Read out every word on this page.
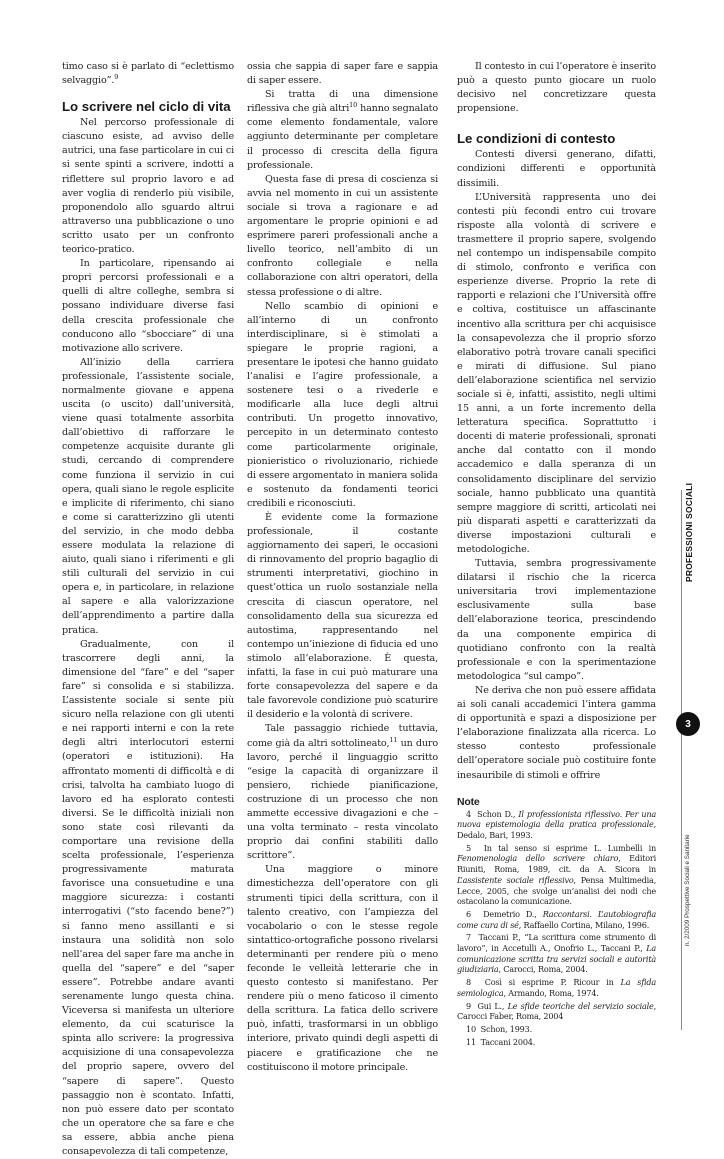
timo caso si è parlato di “eclettismo selvaggio”.$^9$

Lo scrivere nel ciclo di vita

Nel percorso professionale di ciascuno esiste, ad avviso delle autrici, una fase particolare in cui ci si sente spinti a scrivere, indotti a riflettere sul proprio lavoro e ad aver voglia di renderlo più visibile, proponendolo allo sguardo altrui attraverso una pubblicazione o uno scritto usato per un confronto teorico-pratico.

In particolare, ripensando ai propri percorsi professionali e a quelli di altre colleghe, sembra si possano individuare diverse fasi della crescita professionale che conducono allo “sbocciare” di una motivazione allo scrivere.

All’inizio della carriera professionale, l’assistente sociale, normalmente giovane e appena uscita (o uscito) dall’università, viene quasi totalmente assorbita dall’obiettivo di rafforzare le competenze acquisite durante gli studi, cercando di comprendere come funziona il servizio in cui opera, quali siano le regole esplicite e implicite di riferimento, chi siano e come si caratterizzino gli utenti del servizio, in che modo debba essere modulata la relazione di aiuto, quali siano i riferimenti e gli stili culturali del servizio in cui opera e, in particolare, in relazione al sapere e alla valorizzazione dell’apprendimento a partire dalla pratica.

Gradualmente, con il trascorrere degli anni, la dimensione del “fare” e del “saper fare” si consolida e si stabilizza. L’assistente sociale si sente più sicuro nella relazione con gli utenti e nei rapporti interni e con la rete degli altri interlocutori esterni (operatori e istituzioni). Ha affrontato momenti di difficoltà e di crisi, talvolta ha cambiato luogo di lavoro ed ha esplorato contesti diversi. Se le difficoltà iniziali non sono state così rilevanti da comportare una revisione della scelta professionale, l’esperienza progressivamente maturata favorisce una consuetudine e una maggiore sicurezza: i costanti interrogativi (“sto facendo bene?”) si fanno meno assillanti e si instaura una solidità non solo nell’area del saper fare ma anche in quella del “sapere” e del “saper essere”. Potrebbe andare avanti serenamente lungo questa china. Viceversa si manifesta un ulteriore elemento, da cui scaturisce la spinta allo scrivere: la progressiva acquisizione di una consapevolezza del proprio sapere, ovvero del “sapere di sapere”. Questo passaggio non è scontato. Infatti, non può essere dato per scontato che un operatore che sa fare e che sa essere, abbia anche piena consapevolezza di tali competenze,

ossia che sappia di saper fare e sappia di saper essere.

Si tratta di una dimensione riflessiva che già altri$^{10}$ hanno segnalato come elemento fondamentale, valore aggiunto determinante per completare il processo di crescita della figura professionale.

Questa fase di presa di coscienza si avvia nel momento in cui un assistente sociale si trova a ragionare e ad argomentare le proprie opinioni e ad esprimere pareri professionali anche a livello teorico, nell’ambito di un confronto collegiale e nella collaborazione con altri operatori, della stessa professione o di altre.

Nello scambio di opinioni e all’interno di un confronto interdisciplinare, si è stimolati a spiegare le proprie ragioni, a presentare le ipotesi che hanno guidato l’analisi e l’agire professionale, a sostenere tesi o a rivederle e modificarle alla luce degli altrui contributi. Un progetto innovativo, percepito in un determinato contesto come particolarmente originale, pionieristico o rivoluzionario, richiede di essere argomentato in maniera solida e sostenuto da fondamenti teorici credibili e riconosciuti.

È evidente come la formazione professionale, il costante aggiornamento dei saperi, le occasioni di rinnovamento del proprio bagaglio di strumenti interpretativi, giochino in quest’ottica un ruolo sostanziale nella crescita di ciascun operatore, nel consolidamento della sua sicurezza ed autostima, rappresentando nel contempo un’iniezione di fiducia ed uno stimolo all’elaborazione. È questa, infatti, la fase in cui può maturare una forte consapevolezza del sapere e da tale favorevole condizione può scaturire il desiderio e la volontà di scrivere.

Tale passaggio richiede tuttavia, come già da altri sottolineato,$^{11}$ un duro lavoro, perché il linguaggio scritto “esige la capacità di organizzare il pensiero, richiede pianificazione, costruzione di un processo che non ammette eccessive divagazioni e che – una volta terminato – resta vincolato proprio dai confini stabiliti dallo scrittore”.

Una maggiore o minore dimestichezza dell’operatore con gli strumenti tipici della scrittura, con il talento creativo, con l’ampiezza del vocabolario o con le stesse regole sintattico-ortografiche possono rivelarsi determinanti per rendere più o meno feconde le velleità letterarie che in questo contesto si manifestano. Per rendere più o meno faticoso il cimento della scrittura. La fatica dello scrivere può, infatti, trasformarsi in un obbligo interiore, privato quindi degli aspetti di piacere e gratificazione che ne costituiscono il motore principale.

Il contesto in cui l’operatore è inserito può a questo punto giocare un ruolo decisivo nel concretizzare questa propensione.

Le condizioni di contesto

Contesti diversi generano, difatti, condizioni differenti e opportunità dissimili.

L’Università rappresenta uno dei contesti più fecondi entro cui trovare risposte alla volontà di scrivere e trasmettere il proprio sapere, svolgendo nel contempo un indispensabile compito di stimolo, confronto e verifica con esperienze diverse. Proprio la rete di rapporti e relazioni che l’Università offre e coltiva, costituisce un affascinante incentivo alla scrittura per chi acquisisce la consapevolezza che il proprio sforzo elaborativo potrà trovare canali specifici e mirati di diffusione. Sul piano dell’elaborazione scientifica nel servizio sociale si è, infatti, assistito, negli ultimi 15 anni, a un forte incremento della letteratura specifica. Soprattutto i docenti di materie professionali, spronati anche dal contatto con il mondo accademico e dalla speranza di un consolidamento disciplinare del servizio sociale, hanno pubblicato una quantità sempre maggiore di scritti, articolati nei più disparati aspetti e caratterizzati da diverse impostazioni culturali e metodologiche.

Tuttavia, sembra progressivamente dilatarsi il rischio che la ricerca universitaria trovi implementazione esclusivamente sulla base dell’elaborazione teorica, prescindendo da una componente empirica di quotidiano confronto con la realtà professionale e con la sperimentazione metodologica “sul campo”.

Ne deriva che non può essere affidata ai soli canali accademici l’intera gamma di opportunità e spazi a disposizione per l’elaborazione finalizzata alla ricerca. Lo stesso contesto professionale dell’operatore sociale può costituire fonte inesauribile di stimoli e offrire

Note

4 Schon D., Il professionista riflessivo. Per una nuova epistemologia della pratica professionale, Dedalo, Bari, 1993.

5 In tal senso si esprime L. Lumbelli in Fenomenologia dello scrivere chiaro, Editori Riuniti, Roma, 1989, cit. da A. Sicora in L’assistente sociale riflessivo, Pensa Multimedia, Lecce, 2005, che svolge un’analisi dei nodi che ostacolano la comunicazione.

6 Demetrio D., Raccontarsi. L’autobiografia come cura di sé, Raffaello Cortina, Milano, 1996.

7 Taccani P., “La scrittura come strumento di lavoro”, in Accetulli A., Onofrio L., Taccani P., La comunicazione scritta tra servizi sociali e autorità giudiziaria, Carocci, Roma, 2004.

8 Così si esprime P. Ricour in La sfida semiologica, Armando, Roma, 1974.

9 Gui L., Le sfide teoriche del servizio sociale, Carocci Faber, Roma, 2004

10 Schon, 1993.

11 Taccani 2004.

PROFESSIONI SOCIALI
3
n. 2/2009 Prospettive Sociali e Sanitarie
